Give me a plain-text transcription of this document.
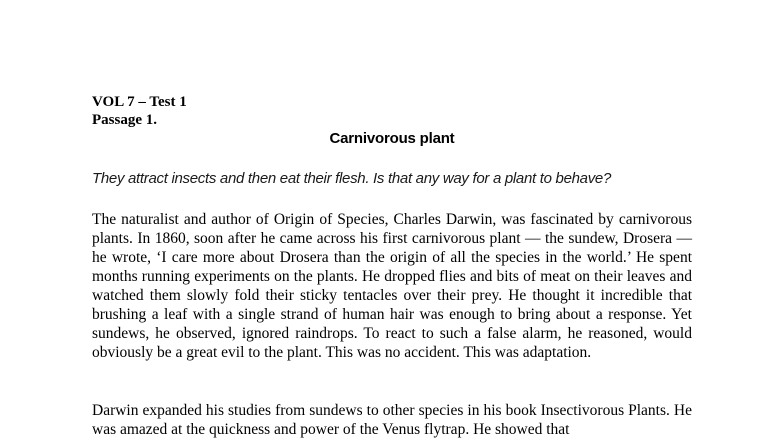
VOL 7 – Test 1
Passage 1.
Carnivorous plant
They attract insects and then eat their flesh. Is that any way for a plant to behave?
The naturalist and author of Origin of Species, Charles Darwin, was fascinated by carnivorous plants. In 1860, soon after he came across his first carnivorous plant — the sundew, Drosera — he wrote, ‘I care more about Drosera than the origin of all the species in the world.’ He spent months running experiments on the plants. He dropped flies and bits of meat on their leaves and watched them slowly fold their sticky tentacles over their prey. He thought it incredible that brushing a leaf with a single strand of human hair was enough to bring about a response. Yet sundews, he observed, ignored raindrops. To react to such a false alarm, he reasoned, would obviously be a great evil to the plant. This was no accident. This was adaptation.
Darwin expanded his studies from sundews to other species in his book Insectivorous Plants. He was amazed at the quickness and power of the Venus flytrap. He showed that
